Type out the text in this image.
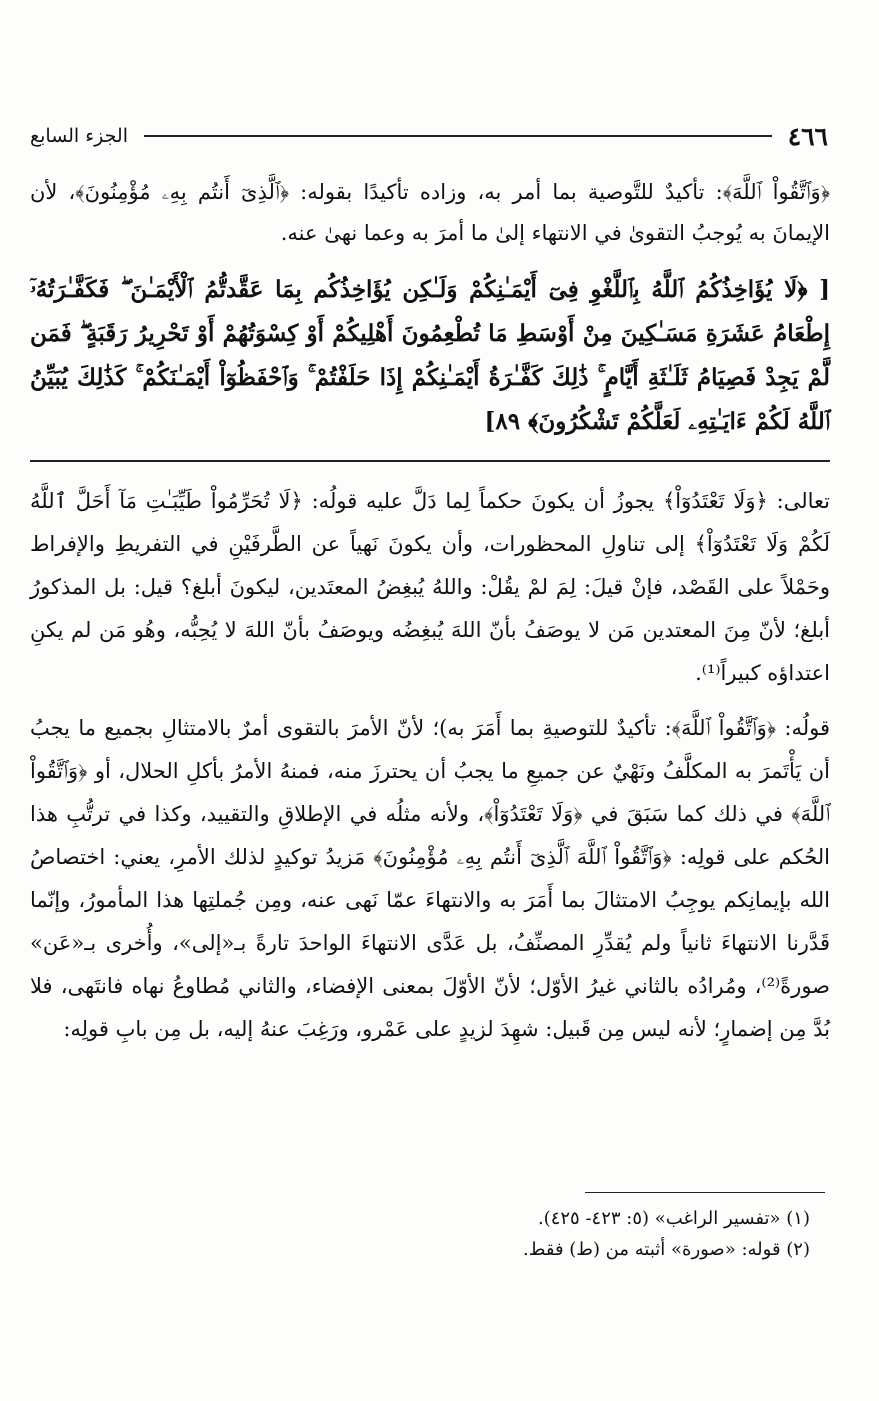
٤٦٦
الجزء السابع
﴿وَٱتَّقُواْ ٱللَّهَ﴾: تأكيدٌ للتَّوصية بما أمر به، وزاده تأكيدًا بقوله: ﴿ٱلَّذِىٓ أَنتُم بِهِۦ مُؤْمِنُونَ﴾، لأن الإيمانَ به يُوجبُ التقوىٰ في الانتهاء إلىٰ ما أمرَ به وعما نهىٰ عنه.
[ ﴿لَا يُؤَاخِذُكُمُ ٱللَّهُ بِٱللَّغْوِ فِىٓ أَيْمَـٰنِكُمْ وَلَـٰكِن يُؤَاخِذُكُم بِمَا عَقَّدتُّمُ ٱلْأَيْمَـٰنَ ۖ فَكَفَّـٰرَتُهُۥٓ إِطْعَامُ عَشَرَةِ مَسَـٰكِينَ مِنْ أَوْسَطِ مَا تُطْعِمُونَ أَهْلِيكُمْ أَوْ كِسْوَتُهُمْ أَوْ تَحْرِيرُ رَقَبَةٍ ۖ فَمَن لَّمْ يَجِدْ فَصِيَامُ ثَلَـٰثَةِ أَيَّامٍ ۚ ذَٰلِكَ كَفَّـٰرَةُ أَيْمَـٰنِكُمْ إِذَا حَلَفْتُمْ ۚ وَٱحْفَظُوٓاْ أَيْمَـٰنَكُمْ ۚ كَذَٰلِكَ يُبَيِّنُ ٱللَّهُ لَكُمْ ءَايَـٰتِهِۦ لَعَلَّكُمْ تَشْكُرُونَ﴾ ٨٩]

تعالى: ﴿وَلَا تَعْتَدُوٓاْ﴾ يجوزُ أن يكونَ حكماً لِما دَلَّ عليه قولُه: ﴿لَا تُحَرِّمُواْ طَيِّبَـٰتِ مَآ أَحَلَّ ٱللَّهُ لَكُمْ وَلَا تَعْتَدُوٓاْ﴾ إلى تناولِ المحظورات، وأن يكونَ نَهياً عن الطَّرفَيْنِ في التفريطِ والإفراط وحَمْلاً على القَصْد، فإنْ قيلَ: لِمَ لمْ يقُلْ: واللهُ يُبغِضُ المعتَدين، ليكونَ أبلغ؟ قيل: بل المذكورُ أبلغ؛ لأنّ مِنَ المعتدين مَن لا يوصَفُ بأنّ اللهَ يُبغِضُه ويوصَفُ بأنّ اللهَ لا يُحِبُّه، وهُو مَن لم يكنِ اعتداؤه كبيراً⁽¹⁾.

قولُه: ﴿وَٱتَّقُواْ ٱللَّهَ﴾: تأكيدٌ للتوصيةِ بما أَمَرَ به)؛ لأنّ الأمرَ بالتقوى أمرٌ بالامتثالِ بجميع ما يجبُ أن يَأْتَمرَ به المكلَّفُ ونَهْيٌ عن جميعِ ما يجبُ أن يحترزَ منه، فمنهُ الأمرُ بأكلِ الحلال، أو ﴿وَٱتَّقُواْ ٱللَّهَ﴾ في ذلك كما سَبَقَ في ﴿وَلَا تَعْتَدُوٓاْ﴾، ولأنه مثلُه في الإطلاقِ والتقييد، وكذا في ترتُّبِ هذا الحُكم على قولِه: ﴿وَٱتَّقُواْ ٱللَّهَ ٱلَّذِىٓ أَنتُم بِهِۦ مُؤْمِنُونَ﴾ مَزيدُ توكيدٍ لذلك الأمرِ، يعني: اختصاصُ الله بإيمانِكم يوجِبُ الامتثالَ بما أَمَرَ به والانتهاءَ عمّا نَهى عنه، ومِن جُملتِها هذا المأمورُ، وإنّما قَدَّرنا الانتهاءَ ثانياً ولم يُقدِّرِ المصنِّفُ، بل عَدَّى الانتهاءَ الواحدَ تارةً بـ«إلى»، وأُخرى بـ«عَن» صورةً⁽²⁾، ومُرادُه بالثاني غيرُ الأوّل؛ لأنّ الأوّلَ بمعنى الإفضاء، والثاني مُطاوعُ نهاه فانتَهى، فلا بُدَّ مِن إضمارٍ؛ لأنه ليس مِن قَبيل: شهِدَ لزيدٍ على عَمْرو، ورَغِبَ عنهُ إليه، بل مِن بابِ قولِه:

(١) «تفسير الراغب» (٥: ٤٢٣- ٤٢٥).
(٢) قوله: «صورة» أثبته من (ط) فقط.
